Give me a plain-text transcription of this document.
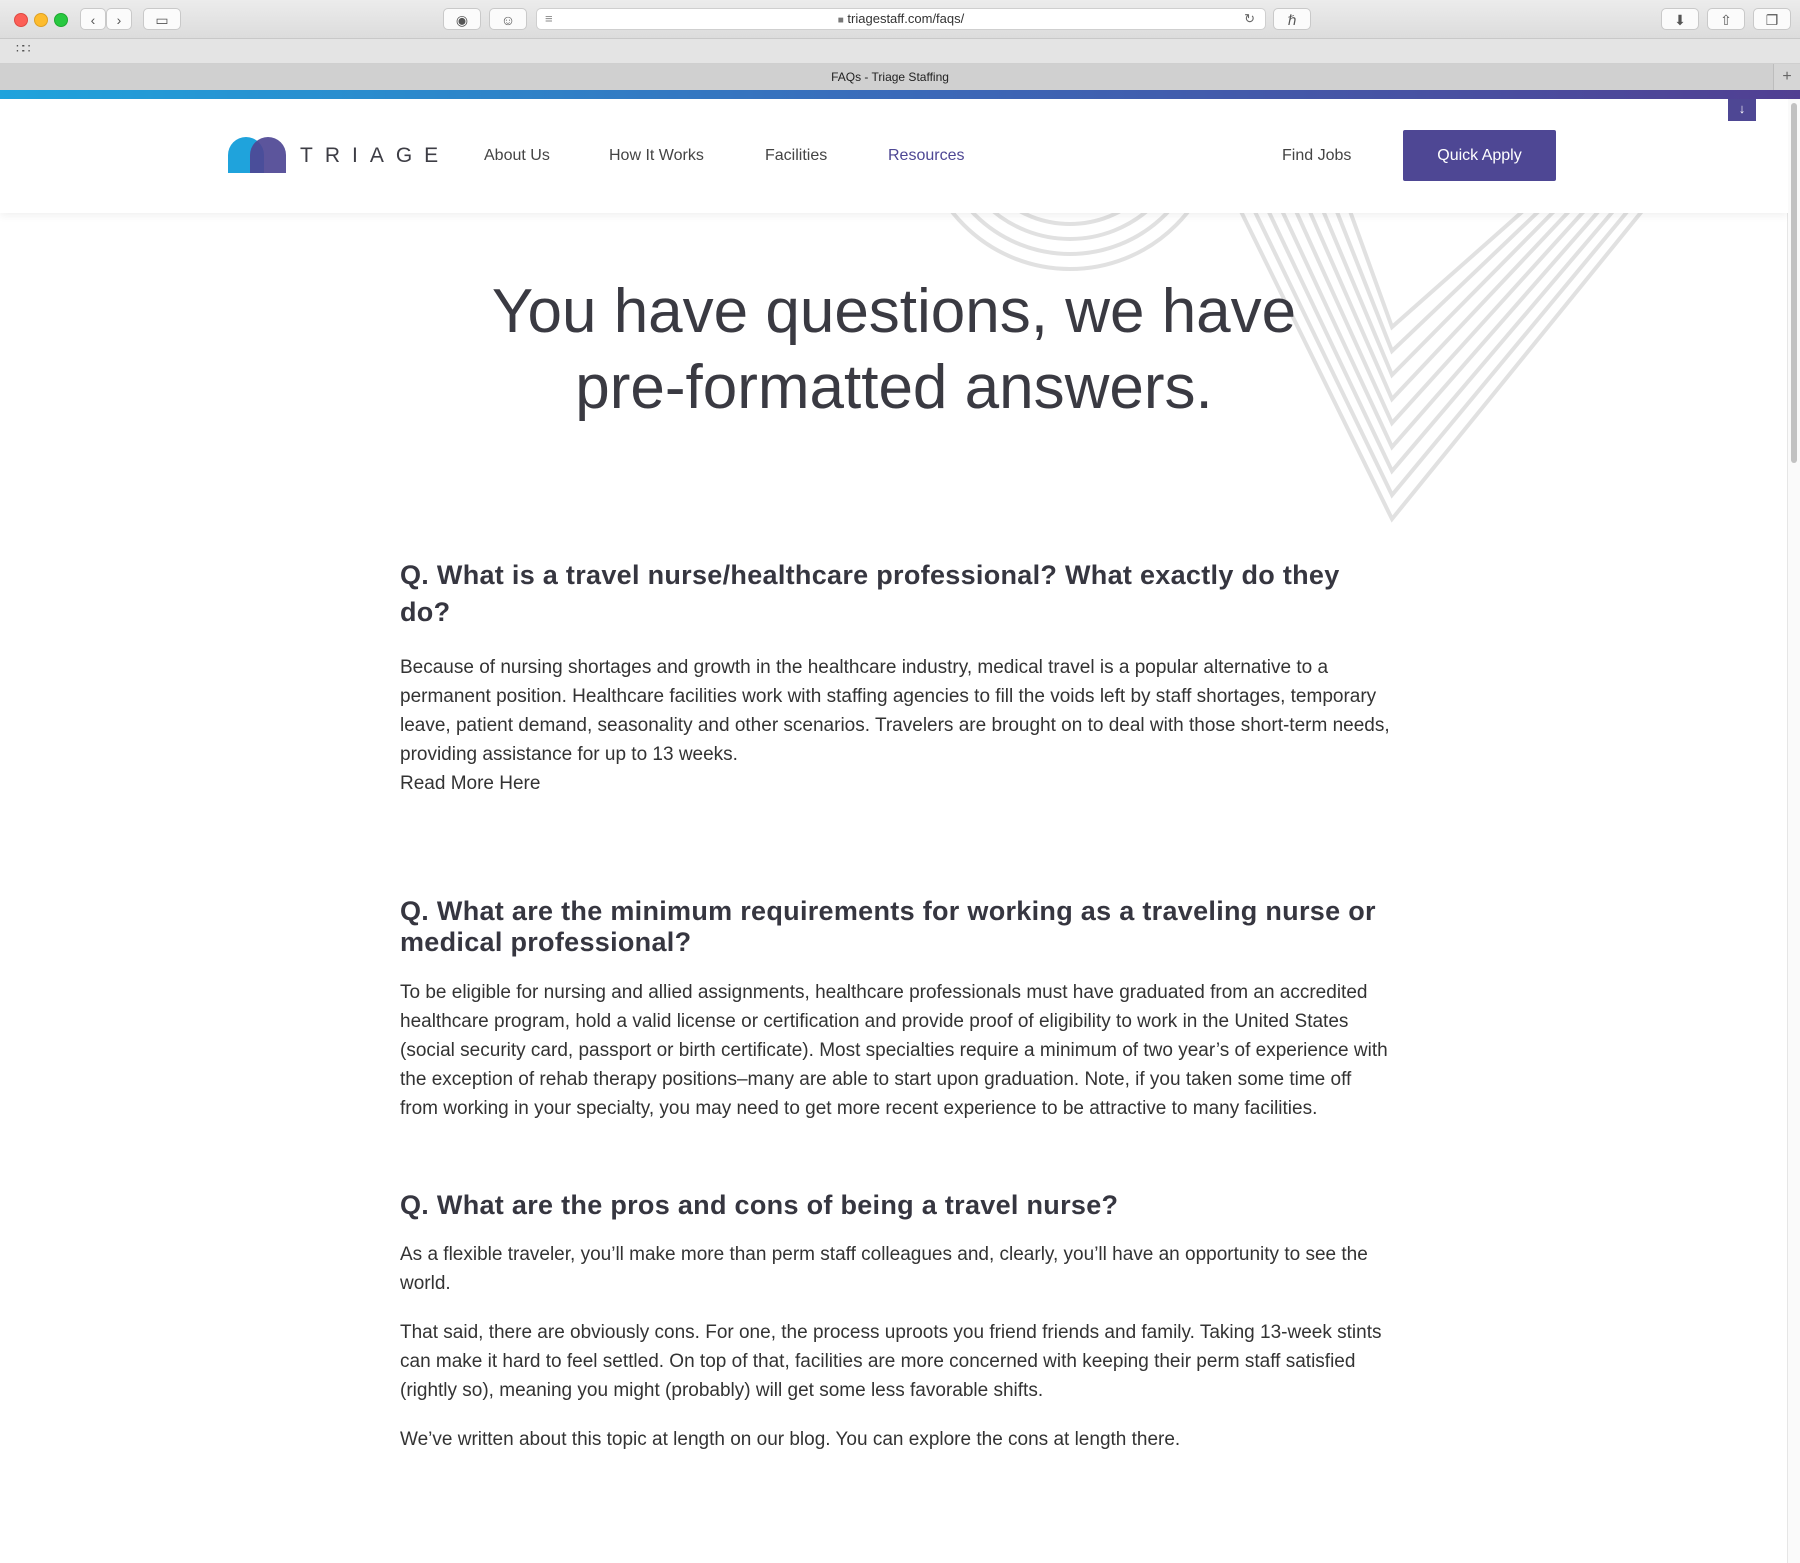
‹	›	▭	◉	☺	■ triagestaff.com/faqs/
≡	↻	ℏ	⬇	⇧	❐
∷∷
FAQs - Triage Staffing	+
TRIAGE About Us	How It Works	Facilities	Resources	Find Jobs	Quick Apply
↓
You have questions, we have
pre-formatted answers.
Q. What is a travel nurse/healthcare professional? What exactly do they do?

Because of nursing shortages and growth in the healthcare industry, medical travel is a popular alternative to a permanent position. Healthcare facilities work with staffing agencies to fill the voids left by staff shortages, temporary leave, patient demand, seasonality and other scenarios. Travelers are brought on to deal with those short-term needs, providing assistance for up to 13 weeks.

Read More Here
Q. What are the minimum requirements for working as a traveling nurse or medical professional?

To be eligible for nursing and allied assignments, healthcare professionals must have graduated from an accredited healthcare program, hold a valid license or certification and provide proof of eligibility to work in the United States (social security card, passport or birth certificate). Most specialties require a minimum of two year’s of experience with the exception of rehab therapy positions–many are able to start upon graduation. Note, if you taken some time off from working in your specialty, you may need to get more recent experience to be attractive to many facilities.

Q. What are the pros and cons of being a travel nurse?

As a flexible traveler, you’ll make more than perm staff colleagues and, clearly, you’ll have an opportunity to see the world.

That said, there are obviously cons. For one, the process uproots you friend friends and family. Taking 13-week stints can make it hard to feel settled. On top of that, facilities are more concerned with keeping their perm staff satisfied (rightly so), meaning you might (probably) will get some less favorable shifts.

We’ve written about this topic at length on our blog. You can explore the cons at length there.
